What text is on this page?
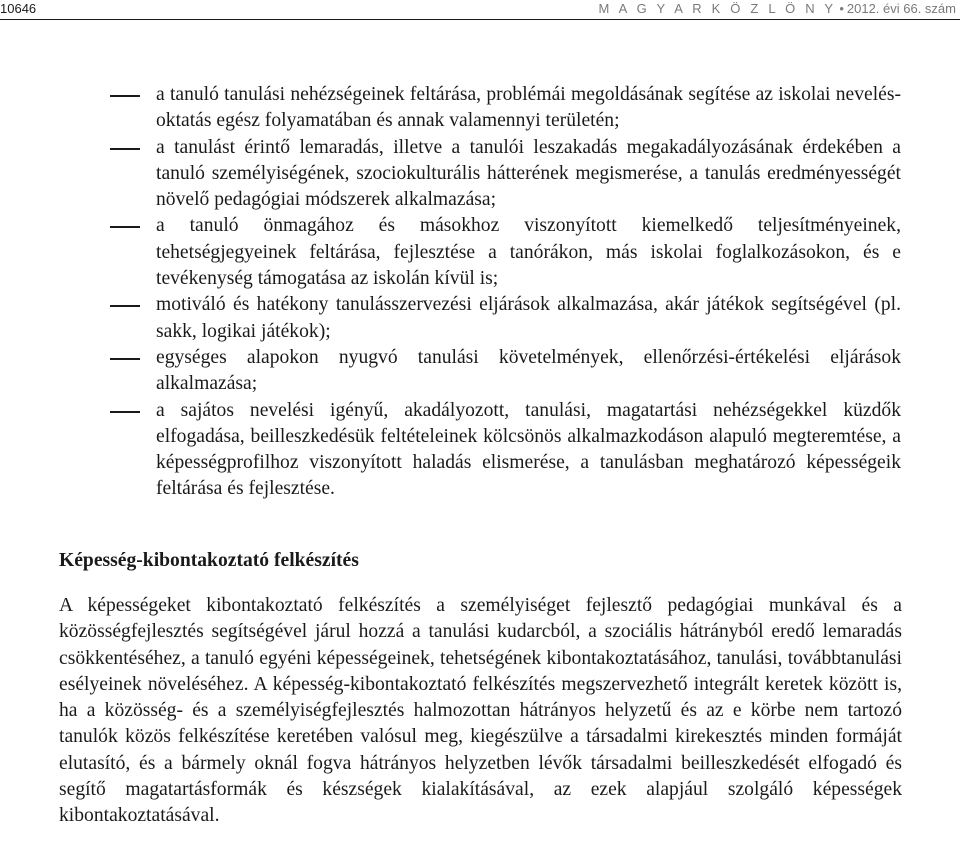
10646	M A G Y A R K Ö Z L Ö N Y • 2012. évi 66. szám
a tanuló tanulási nehézségeinek feltárása, problémái megoldásának segítése az iskolai nevelés-oktatás egész folyamatában és annak valamennyi területén;
a tanulást érintő lemaradás, illetve a tanulói leszakadás megakadályozásának érdekében a tanuló személyiségének, szociokulturális hátterének megismerése, a tanulás eredményességét növelő pedagógiai módszerek alkalmazása;
a tanuló önmagához és másokhoz viszonyított kiemelkedő teljesítményeinek, tehetségjegyeinek feltárása, fejlesztése a tanórákon, más iskolai foglalkozásokon, és e tevékenység támogatása az iskolán kívül is;
motiváló és hatékony tanulásszervezési eljárások alkalmazása, akár játékok segítségével (pl. sakk, logikai játékok);
egységes alapokon nyugvó tanulási követelmények, ellenőrzési-értékelési eljárások alkalmazása;
a sajátos nevelési igényű, akadályozott, tanulási, magatartási nehézségekkel küzdők elfogadása, beilleszkedésük feltételeinek kölcsönös alkalmazkodáson alapuló megteremtése, a képességprofilhoz viszonyított haladás elismerése, a tanulásban meghatározó képességeik feltárása és fejlesztése.
Képesség-kibontakoztató felkészítés

A képességeket kibontakoztató felkészítés a személyiséget fejlesztő pedagógiai munkával és a közösségfejlesztés segítségével járul hozzá a tanulási kudarcból, a szociális hátrányból eredő lemaradás csökkentéséhez, a tanuló egyéni képességeinek, tehetségének kibontakoztatásához, tanulási, továbbtanulási esélyeinek növeléséhez. A képesség-kibontakoztató felkészítés megszervezhető integrált keretek között is, ha a közösség- és a személyiségfejlesztés halmozottan hátrányos helyzetű és az e körbe nem tartozó tanulók közös felkészítése keretében valósul meg, kiegészülve a társadalmi kirekesztés minden formáját elutasító, és a bármely oknál fogva hátrányos helyzetben lévők társadalmi beilleszkedését elfogadó és segítő magatartásformák és készségek kialakításával, az ezek alapjául szolgáló képességek kibontakoztatásával.
